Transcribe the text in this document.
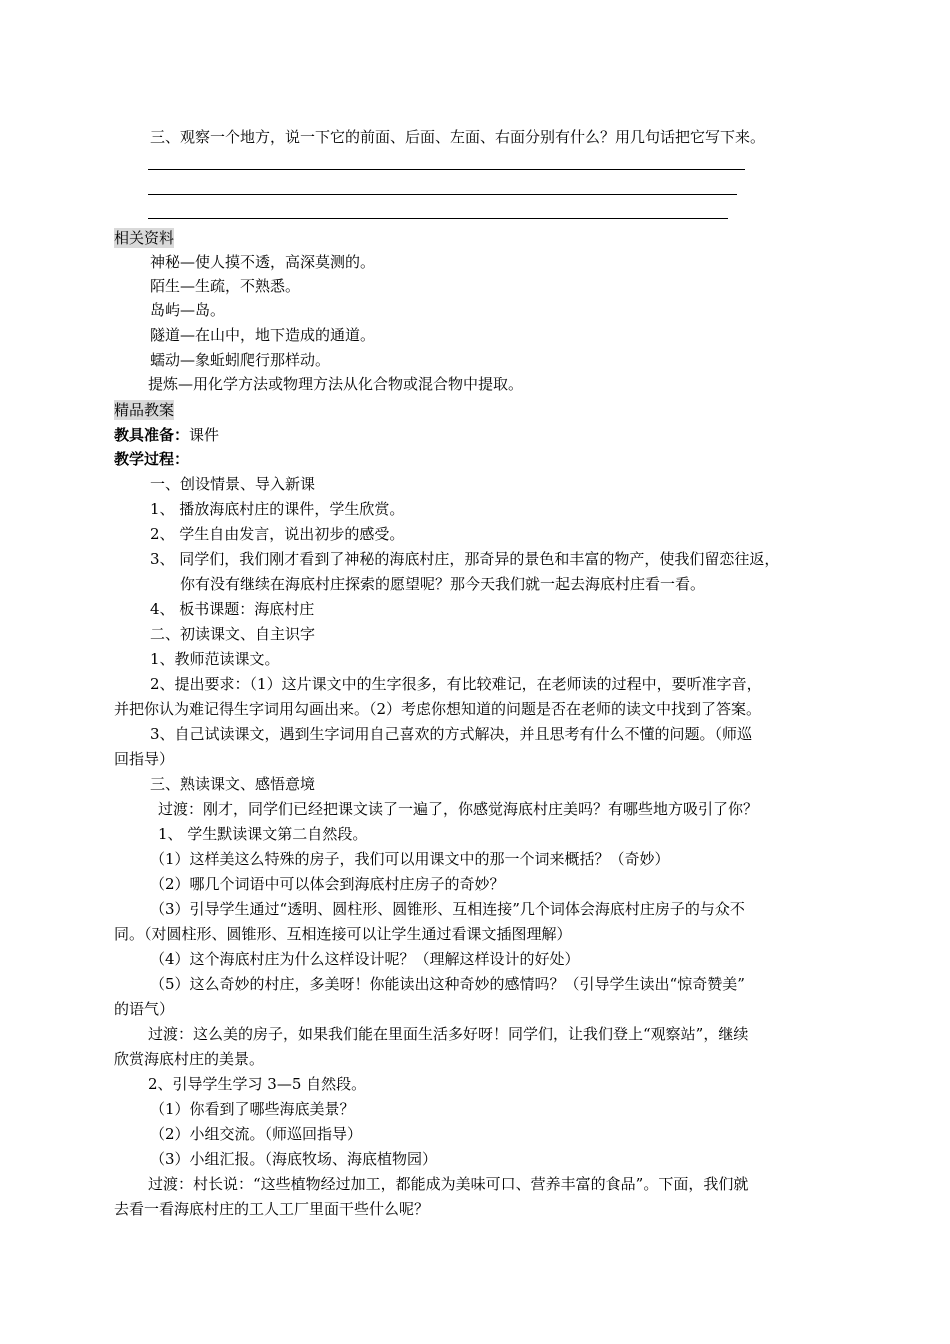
三、观察一个地方，说一下它的前面、后面、左面、右面分别有什么？用几句话把它写下来。
相关资料
神秘—使人摸不透，高深莫测的。
陌生—生疏，不熟悉。
岛屿—岛。
隧道—在山中，地下造成的通道。
蠕动—象蚯蚓爬行那样动。
提炼—用化学方法或物理方法从化合物或混合物中提取。
精品教案
教具准备：课件
教学过程：
一、创设情景、导入新课
1、 播放海底村庄的课件，学生欣赏。
2、 学生自由发言，说出初步的感受。
3、 同学们，我们刚才看到了神秘的海底村庄，那奇异的景色和丰富的物产，使我们留恋往返，
你有没有继续在海底村庄探索的愿望呢？那今天我们就一起去海底村庄看一看。
4、 板书课题：海底村庄
二、初读课文、自主识字
1、教师范读课文。
2、提出要求：（1）这片课文中的生字很多，有比较难记，在老师读的过程中，要听准字音，
并把你认为难记得生字词用勾画出来。（2）考虑你想知道的问题是否在老师的读文中找到了答案。
3、自己试读课文，遇到生字词用自己喜欢的方式解决，并且思考有什么不懂的问题。（师巡
回指导）
三、熟读课文、感悟意境
过渡：刚才，同学们已经把课文读了一遍了，你感觉海底村庄美吗？有哪些地方吸引了你？
1、 学生默读课文第二自然段。
（1）这样美这么特殊的房子，我们可以用课文中的那一个词来概括？（奇妙）
（2）哪几个词语中可以体会到海底村庄房子的奇妙？
（3）引导学生通过“透明、圆柱形、圆锥形、互相连接”几个词体会海底村庄房子的与众不
同。（对圆柱形、圆锥形、互相连接可以让学生通过看课文插图理解）
（4）这个海底村庄为什么这样设计呢？（理解这样设计的好处）
（5）这么奇妙的村庄，多美呀！你能读出这种奇妙的感情吗？（引导学生读出“惊奇赞美”
的语气）
过渡：这么美的房子，如果我们能在里面生活多好呀！同学们，让我们登上“观察站”，继续
欣赏海底村庄的美景。
2、引导学生学习 3—5 自然段。
（1）你看到了哪些海底美景？
（2）小组交流。（师巡回指导）
（3）小组汇报。（海底牧场、海底植物园）
过渡：村长说：“这些植物经过加工，都能成为美味可口、营养丰富的食品”。下面，我们就
去看一看海底村庄的工人工厂里面干些什么呢？
